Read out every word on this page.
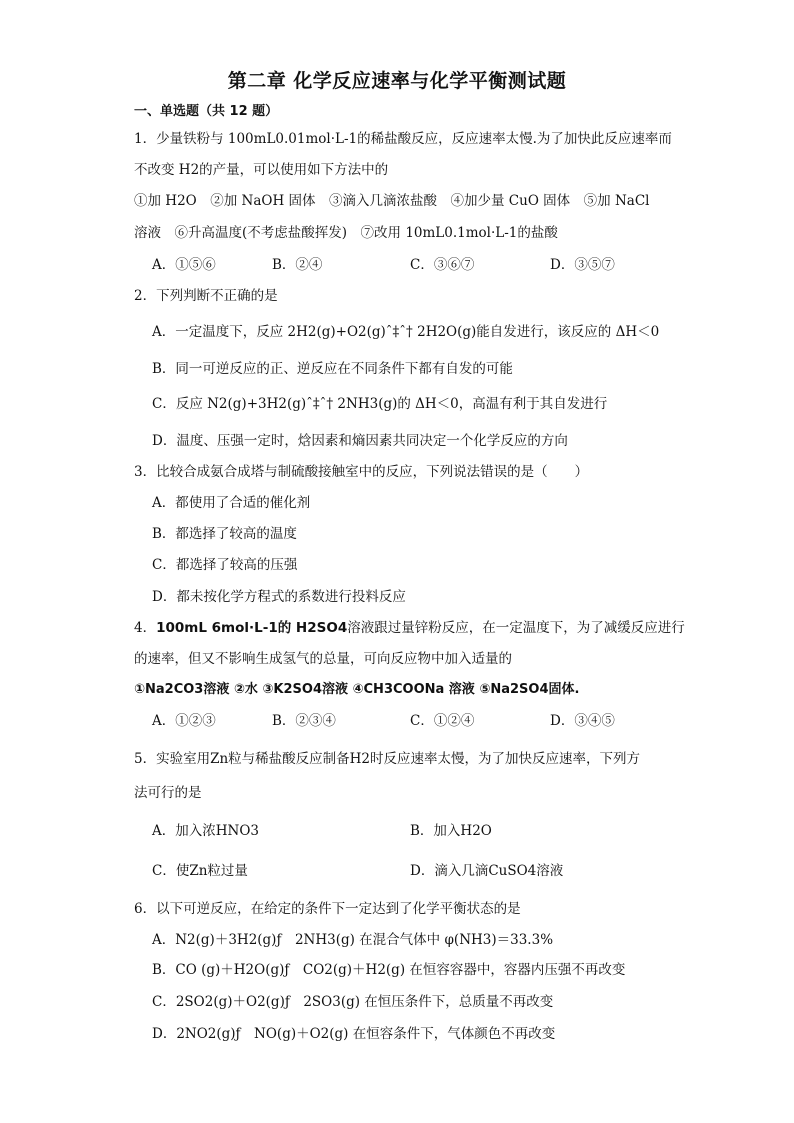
第二章 化学反应速率与化学平衡测试题
一、单选题（共 12 题）
1．少量铁粉与 100mL0.01mol·L-1的稀盐酸反应，反应速率太慢.为了加快此反应速率而
不改变 H2的产量，可以使用如下方法中的
①加 H2O　②加 NaOH 固体　③滴入几滴浓盐酸　④加少量 CuO 固体　⑤加 NaCl
溶液　⑥升高温度(不考虑盐酸挥发)　⑦改用 10mL0.1mol·L-1的盐酸
A．①⑤⑥	B．②④	C．③⑥⑦	D．③⑤⑦
2．下列判断不正确的是
A．一定温度下，反应 2H2(g)+O2(g)ˆ‡ˆ† 2H2O(g)能自发进行，该反应的 ΔH＜0
B．同一可逆反应的正、逆反应在不同条件下都有自发的可能
C．反应 N2(g)+3H2(g)ˆ‡ˆ† 2NH3(g)的 ΔH＜0，高温有利于其自发进行
D．温度、压强一定时，焓因素和熵因素共同决定一个化学反应的方向
3．比较合成氨合成塔与制硫酸接触室中的反应，下列说法错误的是（　　）
A．都使用了合适的催化剂
B．都选择了较高的温度
C．都选择了较高的压强
D．都未按化学方程式的系数进行投料反应
4．100mL 6mol·L-1的 H2SO4溶液跟过量锌粉反应，在一定温度下，为了减缓反应进行
的速率，但又不影响生成氢气的总量，可向反应物中加入适量的
①Na2CO3溶液 ②水 ③K2SO4溶液 ④CH3COONa 溶液 ⑤Na2SO4固体.
A．①②③	B．②③④	C．①②④	D．③④⑤
5．实验室用Zn粒与稀盐酸反应制备H2时反应速率太慢，为了加快反应速率，下列方
法可行的是
A．加入浓HNO3	B．加入H2O
C．使Zn粒过量	D．滴入几滴CuSO4溶液
6．以下可逆反应，在给定的条件下一定达到了化学平衡状态的是
A．N2(g)＋3H2(g)ƒ　2NH3(g) 在混合气体中 φ(NH3)＝33.3%
B．CO (g)＋H2O(g)ƒ　CO2(g)＋H2(g) 在恒容容器中，容器内压强不再改变
C．2SO2(g)＋O2(g)ƒ　2SO3(g) 在恒压条件下，总质量不再改变
D．2NO2(g)ƒ　NO(g)＋O2(g) 在恒容条件下，气体颜色不再改变
